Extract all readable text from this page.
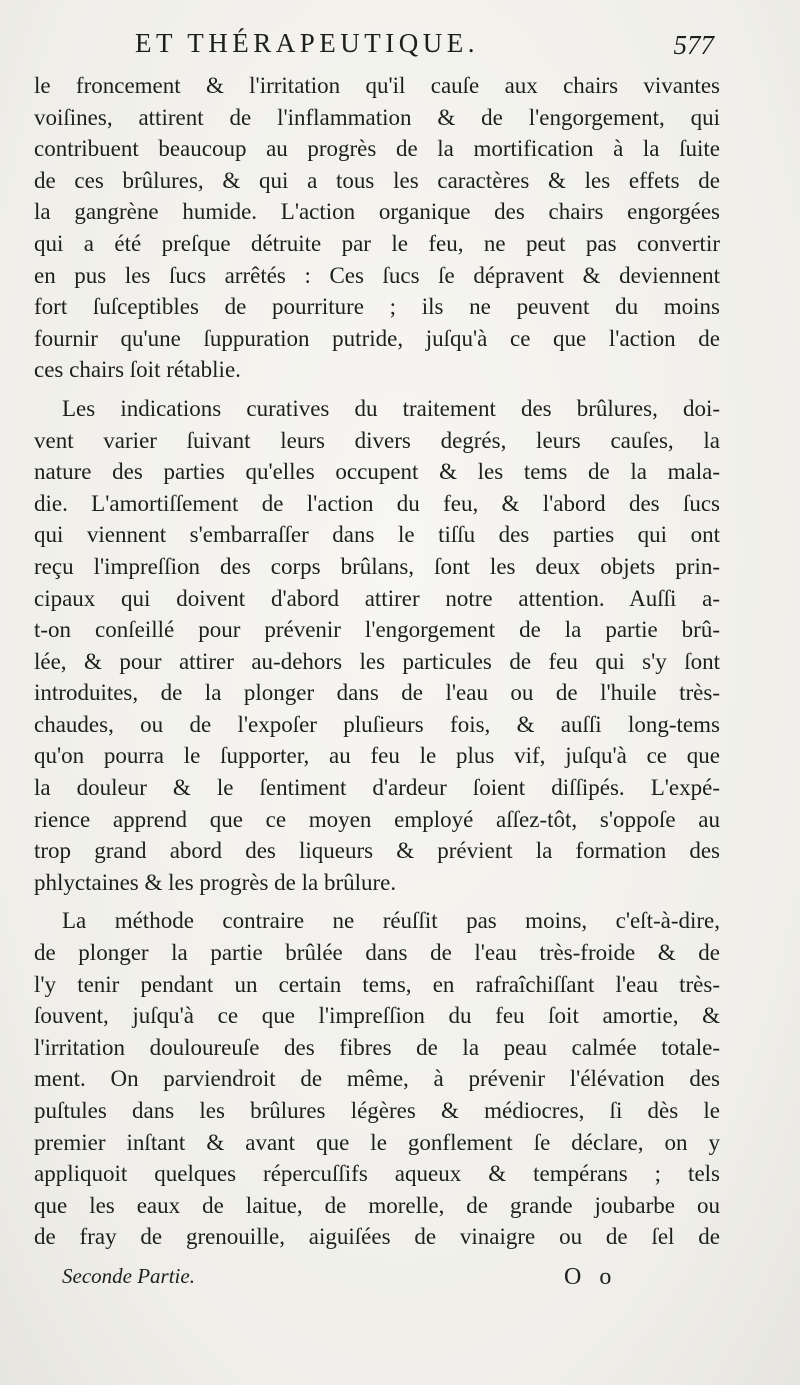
ET THÉRAPEUTIQUE.	577
le froncement & l'irritation qu'il cauſe aux chairs vivantes
voiſines, attirent de l'inflammation & de l'engorgement, qui
contribuent beaucoup au progrès de la mortification à la ſuite
de ces brûlures, & qui a tous les caractères & les effets de
la gangrène humide. L'action organique des chairs engorgées
qui a été preſque détruite par le feu, ne peut pas convertir
en pus les ſucs arrêtés : Ces ſucs ſe dépravent & deviennent
fort ſuſceptibles de pourriture ; ils ne peuvent du moins
fournir qu'une ſuppuration putride, juſqu'à ce que l'action de
ces chairs ſoit rétablie.
Les indications curatives du traitement des brûlures, doi-
vent varier ſuivant leurs divers degrés, leurs cauſes, la
nature des parties qu'elles occupent & les tems de la mala-
die. L'amortiſſement de l'action du feu, & l'abord des ſucs
qui viennent s'embarraſſer dans le tiſſu des parties qui ont
reçu l'impreſſion des corps brûlans, ſont les deux objets prin-
cipaux qui doivent d'abord attirer notre attention. Auſſi a-
t-on conſeillé pour prévenir l'engorgement de la partie brû-
lée, & pour attirer au-dehors les particules de feu qui s'y ſont
introduites, de la plonger dans de l'eau ou de l'huile très-
chaudes, ou de l'expoſer pluſieurs fois, & auſſi long-tems
qu'on pourra le ſupporter, au feu le plus vif, juſqu'à ce que
la douleur & le ſentiment d'ardeur ſoient diſſipés. L'expé-
rience apprend que ce moyen employé aſſez-tôt, s'oppoſe au
trop grand abord des liqueurs & prévient la formation des
phlyctaines & les progrès de la brûlure.
La méthode contraire ne réuſſit pas moins, c'eſt-à-dire,
de plonger la partie brûlée dans de l'eau très-froide & de
l'y tenir pendant un certain tems, en rafraîchiſſant l'eau très-
ſouvent, juſqu'à ce que l'impreſſion du feu ſoit amortie, &
l'irritation douloureuſe des fibres de la peau calmée totale-
ment. On parviendroit de même, à prévenir l'élévation des
puſtules dans les brûlures légères & médiocres, ſi dès le
premier inſtant & avant que le gonflement ſe déclare, on y
appliquoit quelques répercuſſifs aqueux & tempérans ; tels
que les eaux de laitue, de morelle, de grande joubarbe ou
de fray de grenouille, aiguiſées de vinaigre ou de ſel de
Seconde Partie.	O o
